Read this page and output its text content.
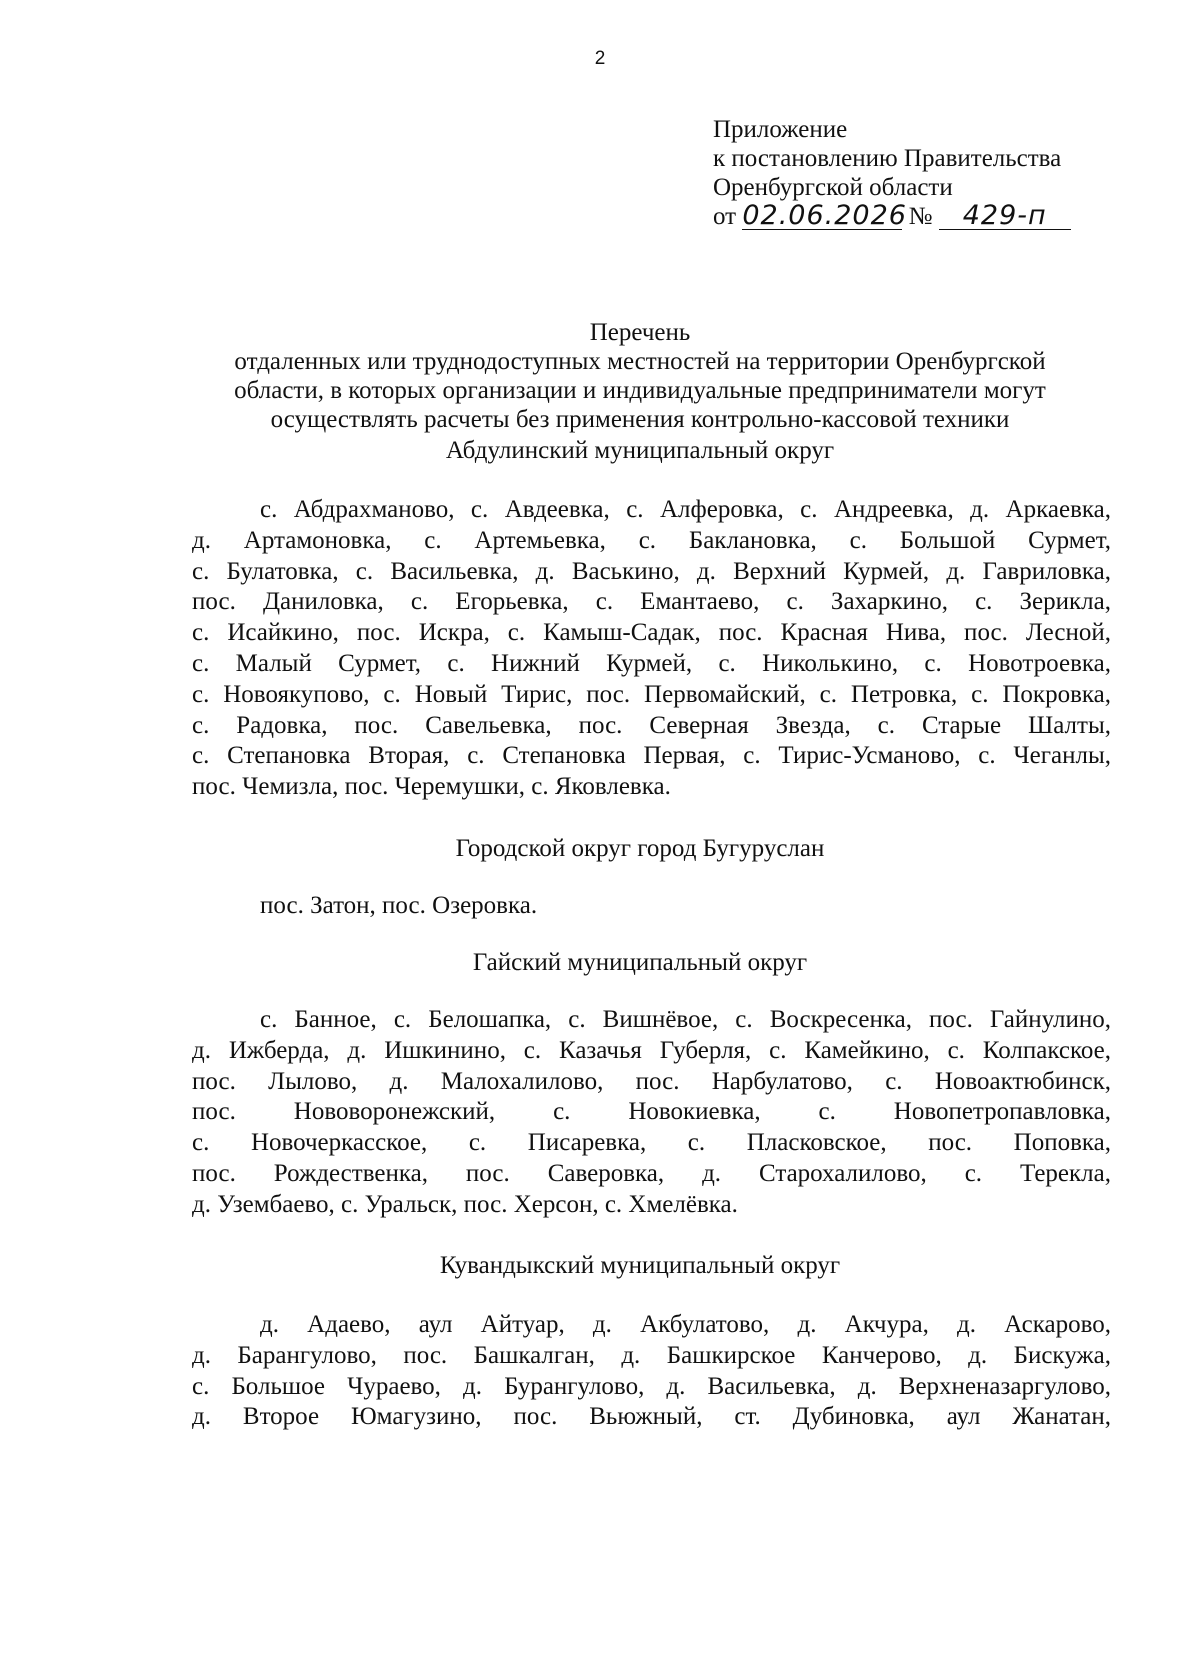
2
Приложение
к постановлению Правительства
Оренбургской области
от 02.06.2026 № 429-п
Перечень
отдаленных или труднодоступных местностей на территории Оренбургской
области, в которых организации и индивидуальные предприниматели могут
осуществлять расчеты без применения контрольно-кассовой техники
Абдулинский муниципальный округ
с. Абдрахманово, с. Авдеевка, с. Алферовка, с. Андреевка, д. Аркаевка,
д. Артамоновка, с. Артемьевка, с. Баклановка, с. Большой Сурмет,
с. Булатовка, с. Васильевка, д. Васькино, д. Верхний Курмей, д. Гавриловка,
пос. Даниловка, с. Егорьевка, с. Емантаево, с. Захаркино, с. Зерикла,
с. Исайкино, пос. Искра, с. Камыш-Садак, пос. Красная Нива, пос. Лесной,
с. Малый Сурмет, с. Нижний Курмей, с. Николькино, с. Новотроевка,
с. Новоякупово, с. Новый Тирис, пос. Первомайский, с. Петровка, с. Покровка,
с. Радовка, пос. Савельевка, пос. Северная Звезда, с. Старые Шалты,
с. Степановка Вторая, с. Степановка Первая, с. Тирис-Усманово, с. Чеганлы,
пос. Чемизла, пос. Черемушки, с. Яковлевка.
Городской округ город Бугуруслан
пос. Затон, пос. Озеровка.
Гайский муниципальный округ
с. Банное, с. Белошапка, с. Вишнёвое, с. Воскресенка, пос. Гайнулино,
д. Ижберда, д. Ишкинино, с. Казачья Губерля, с. Камейкино, с. Колпакское,
пос. Лылово, д. Малохалилово, пос. Нарбулатово, с. Новоактюбинск,
пос. Нововоронежский, с. Новокиевка, с. Новопетропавловка,
с. Новочеркасское, с. Писаревка, с. Пласковское, пос. Поповка,
пос. Рождественка, пос. Саверовка, д. Старохалилово, с. Терекла,
д. Узембаево, с. Уральск, пос. Херсон, с. Хмелёвка.
Кувандыкский муниципальный округ
д. Адаево, аул Айтуар, д. Акбулатово, д. Акчура, д. Аскарово,
д. Барангулово, пос. Башкалган, д. Башкирское Канчерово, д. Бискужа,
с. Большое Чураево, д. Бурангулово, д. Васильевка, д. Верхненазаргулово,
д. Второе Юмагузино, пос. Вьюжный, ст. Дубиновка, аул Жанатан,
